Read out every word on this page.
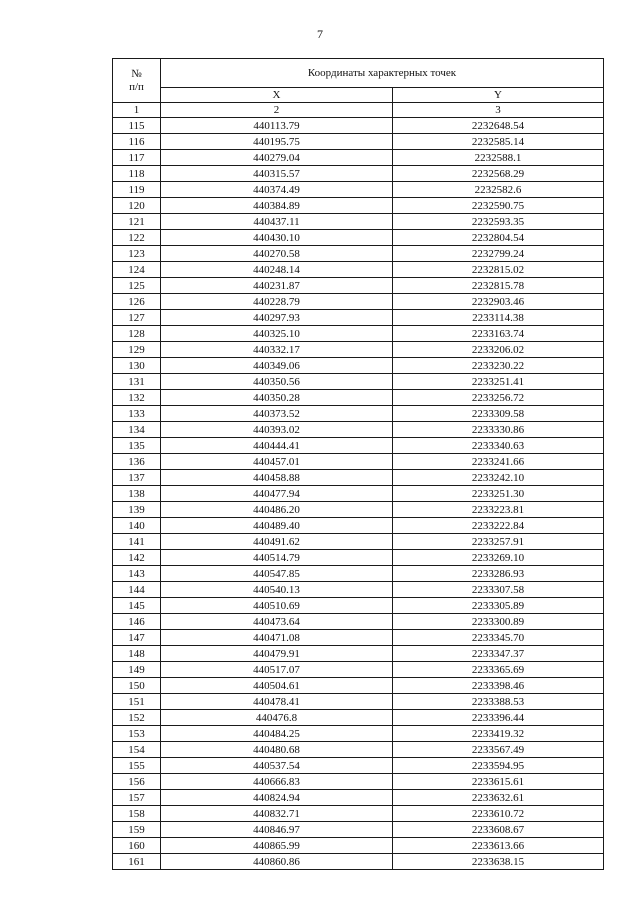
7
№
п/п	Координаты характерных точек	
	X	Y
1	2	3
115	440113.79	2232648.54
116	440195.75	2232585.14
117	440279.04	2232588.1
118	440315.57	2232568.29
119	440374.49	2232582.6
120	440384.89	2232590.75
121	440437.11	2232593.35
122	440430.10	2232804.54
123	440270.58	2232799.24
124	440248.14	2232815.02
125	440231.87	2232815.78
126	440228.79	2232903.46
127	440297.93	2233114.38
128	440325.10	2233163.74
129	440332.17	2233206.02
130	440349.06	2233230.22
131	440350.56	2233251.41
132	440350.28	2233256.72
133	440373.52	2233309.58
134	440393.02	2233330.86
135	440444.41	2233340.63
136	440457.01	2233241.66
137	440458.88	2233242.10
138	440477.94	2233251.30
139	440486.20	2233223.81
140	440489.40	2233222.84
141	440491.62	2233257.91
142	440514.79	2233269.10
143	440547.85	2233286.93
144	440540.13	2233307.58
145	440510.69	2233305.89
146	440473.64	2233300.89
147	440471.08	2233345.70
148	440479.91	2233347.37
149	440517.07	2233365.69
150	440504.61	2233398.46
151	440478.41	2233388.53
152	440476.8	2233396.44
153	440484.25	2233419.32
154	440480.68	2233567.49
155	440537.54	2233594.95
156	440666.83	2233615.61
157	440824.94	2233632.61
158	440832.71	2233610.72
159	440846.97	2233608.67
160	440865.99	2233613.66
161	440860.86	2233638.15
